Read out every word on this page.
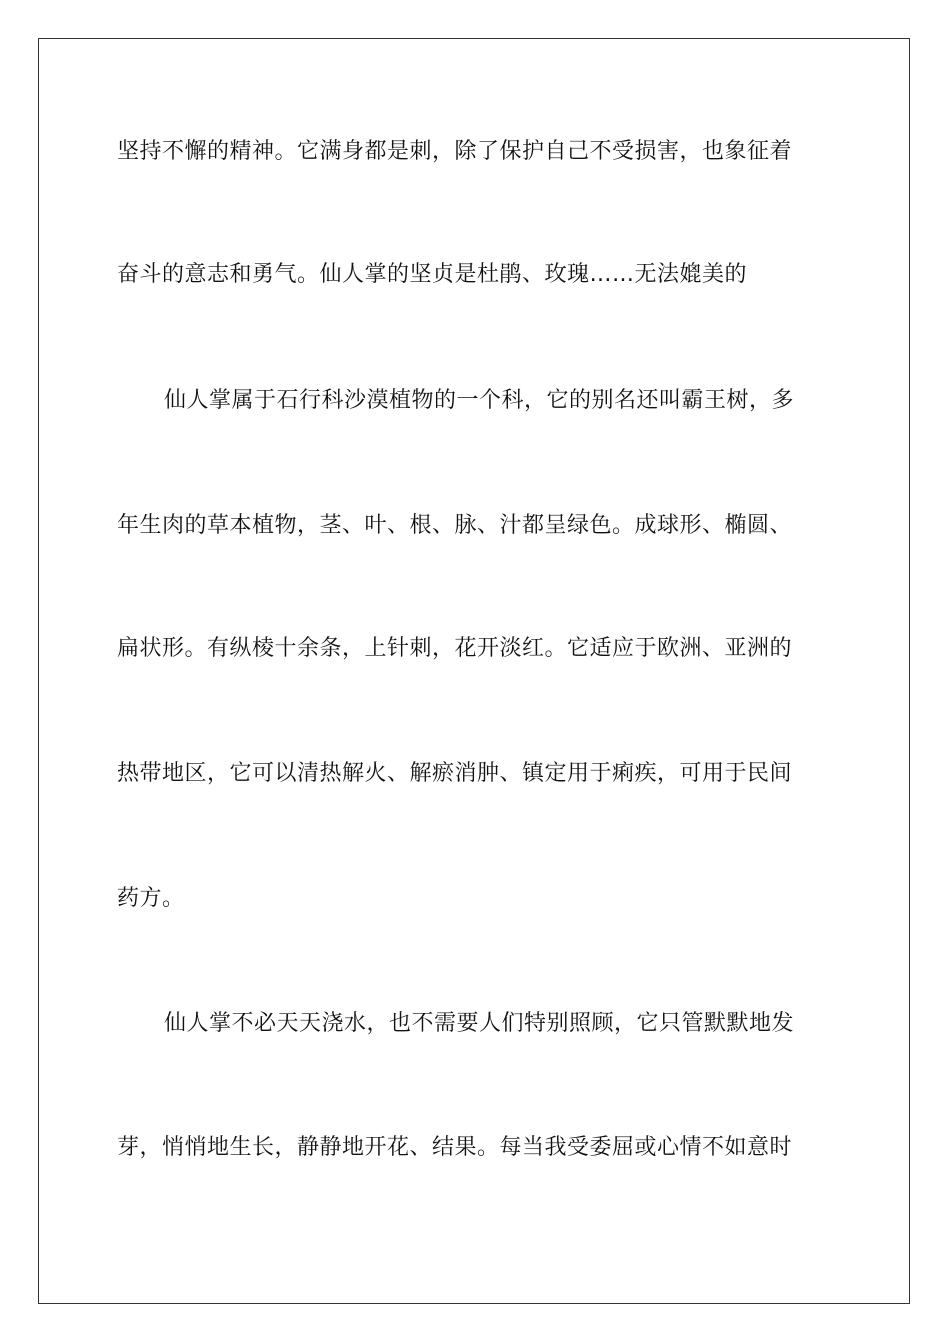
坚持不懈的精神。它满身都是刺，除了保护自己不受损害，也象征着
奋斗的意志和勇气。仙人掌的坚贞是杜鹃、玫瑰……无法媲美的
仙人掌属于石行科沙漠植物的一个科，它的别名还叫霸王树，多
年生肉的草本植物，茎、叶、根、脉、汁都呈绿色。成球形、椭圆、
扁状形。有纵棱十余条，上针刺，花开淡红。它适应于欧洲、亚洲的
热带地区，它可以清热解火、解瘀消肿、镇定用于痢疾，可用于民间
药方。
仙人掌不必天天浇水，也不需要人们特别照顾，它只管默默地发
芽，悄悄地生长，静静地开花、结果。每当我受委屈或心情不如意时
